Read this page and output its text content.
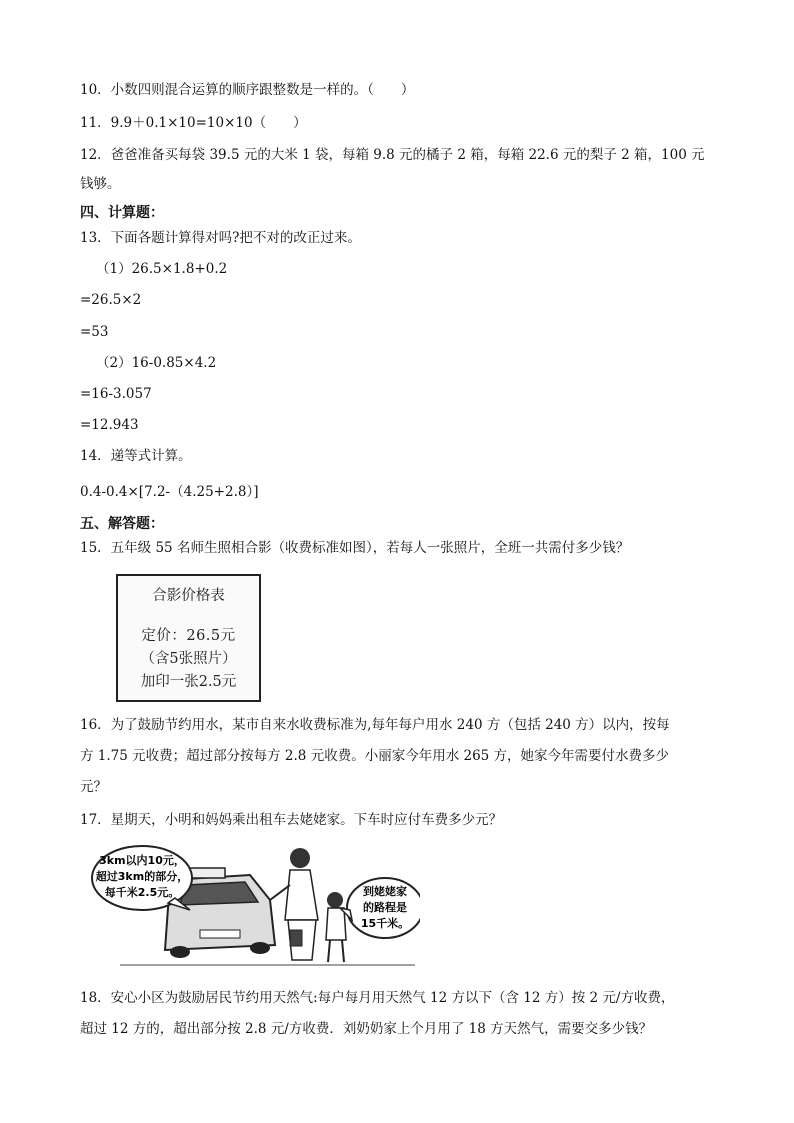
10．小数四则混合运算的顺序跟整数是一样的。（　　）
11．9.9＋0.1×10=10×10（　　）
12．爸爸准备买每袋 39.5 元的大米 1 袋，每箱 9.8 元的橘子 2 箱，每箱 22.6 元的梨子 2 箱，100 元
钱够。
四、计算题：
13．下面各题计算得对吗?把不对的改正过来。
（1）26.5×1.8+0.2
=26.5×2
=53
（2）16-0.85×4.2
=16-3.057
=12.943
14．递等式计算。
0.4-0.4×[7.2-（4.25+2.8）]
五、解答题：
15．五年级 55 名师生照相合影（收费标准如图），若每人一张照片，全班一共需付多少钱？
合影价格表
定价：26.5元
（含5张照片）
加印一张2.5元
16．为了鼓励节约用水，某市自来水收费标准为,每年每户用水 240 方（包括 240 方）以内，按每
方 1.75 元收费；超过部分按每方 2.8 元收费。小丽家今年用水 265 方，她家今年需要付水费多少
元？
17．星期天，小明和妈妈乘出租车去姥姥家。下车时应付车费多少元？
3km以内10元，
超过3km的部分，
每千米2.5元。	到姥姥家
的路程是
15千米。
18．安心小区为鼓励居民节约用天然气:每户每月用天然气 12 方以下（含 12 方）按 2 元/方收费，
超过 12 方的，超出部分按 2.8 元/方收费．刘奶奶家上个月用了 18 方天然气，需要交多少钱？
